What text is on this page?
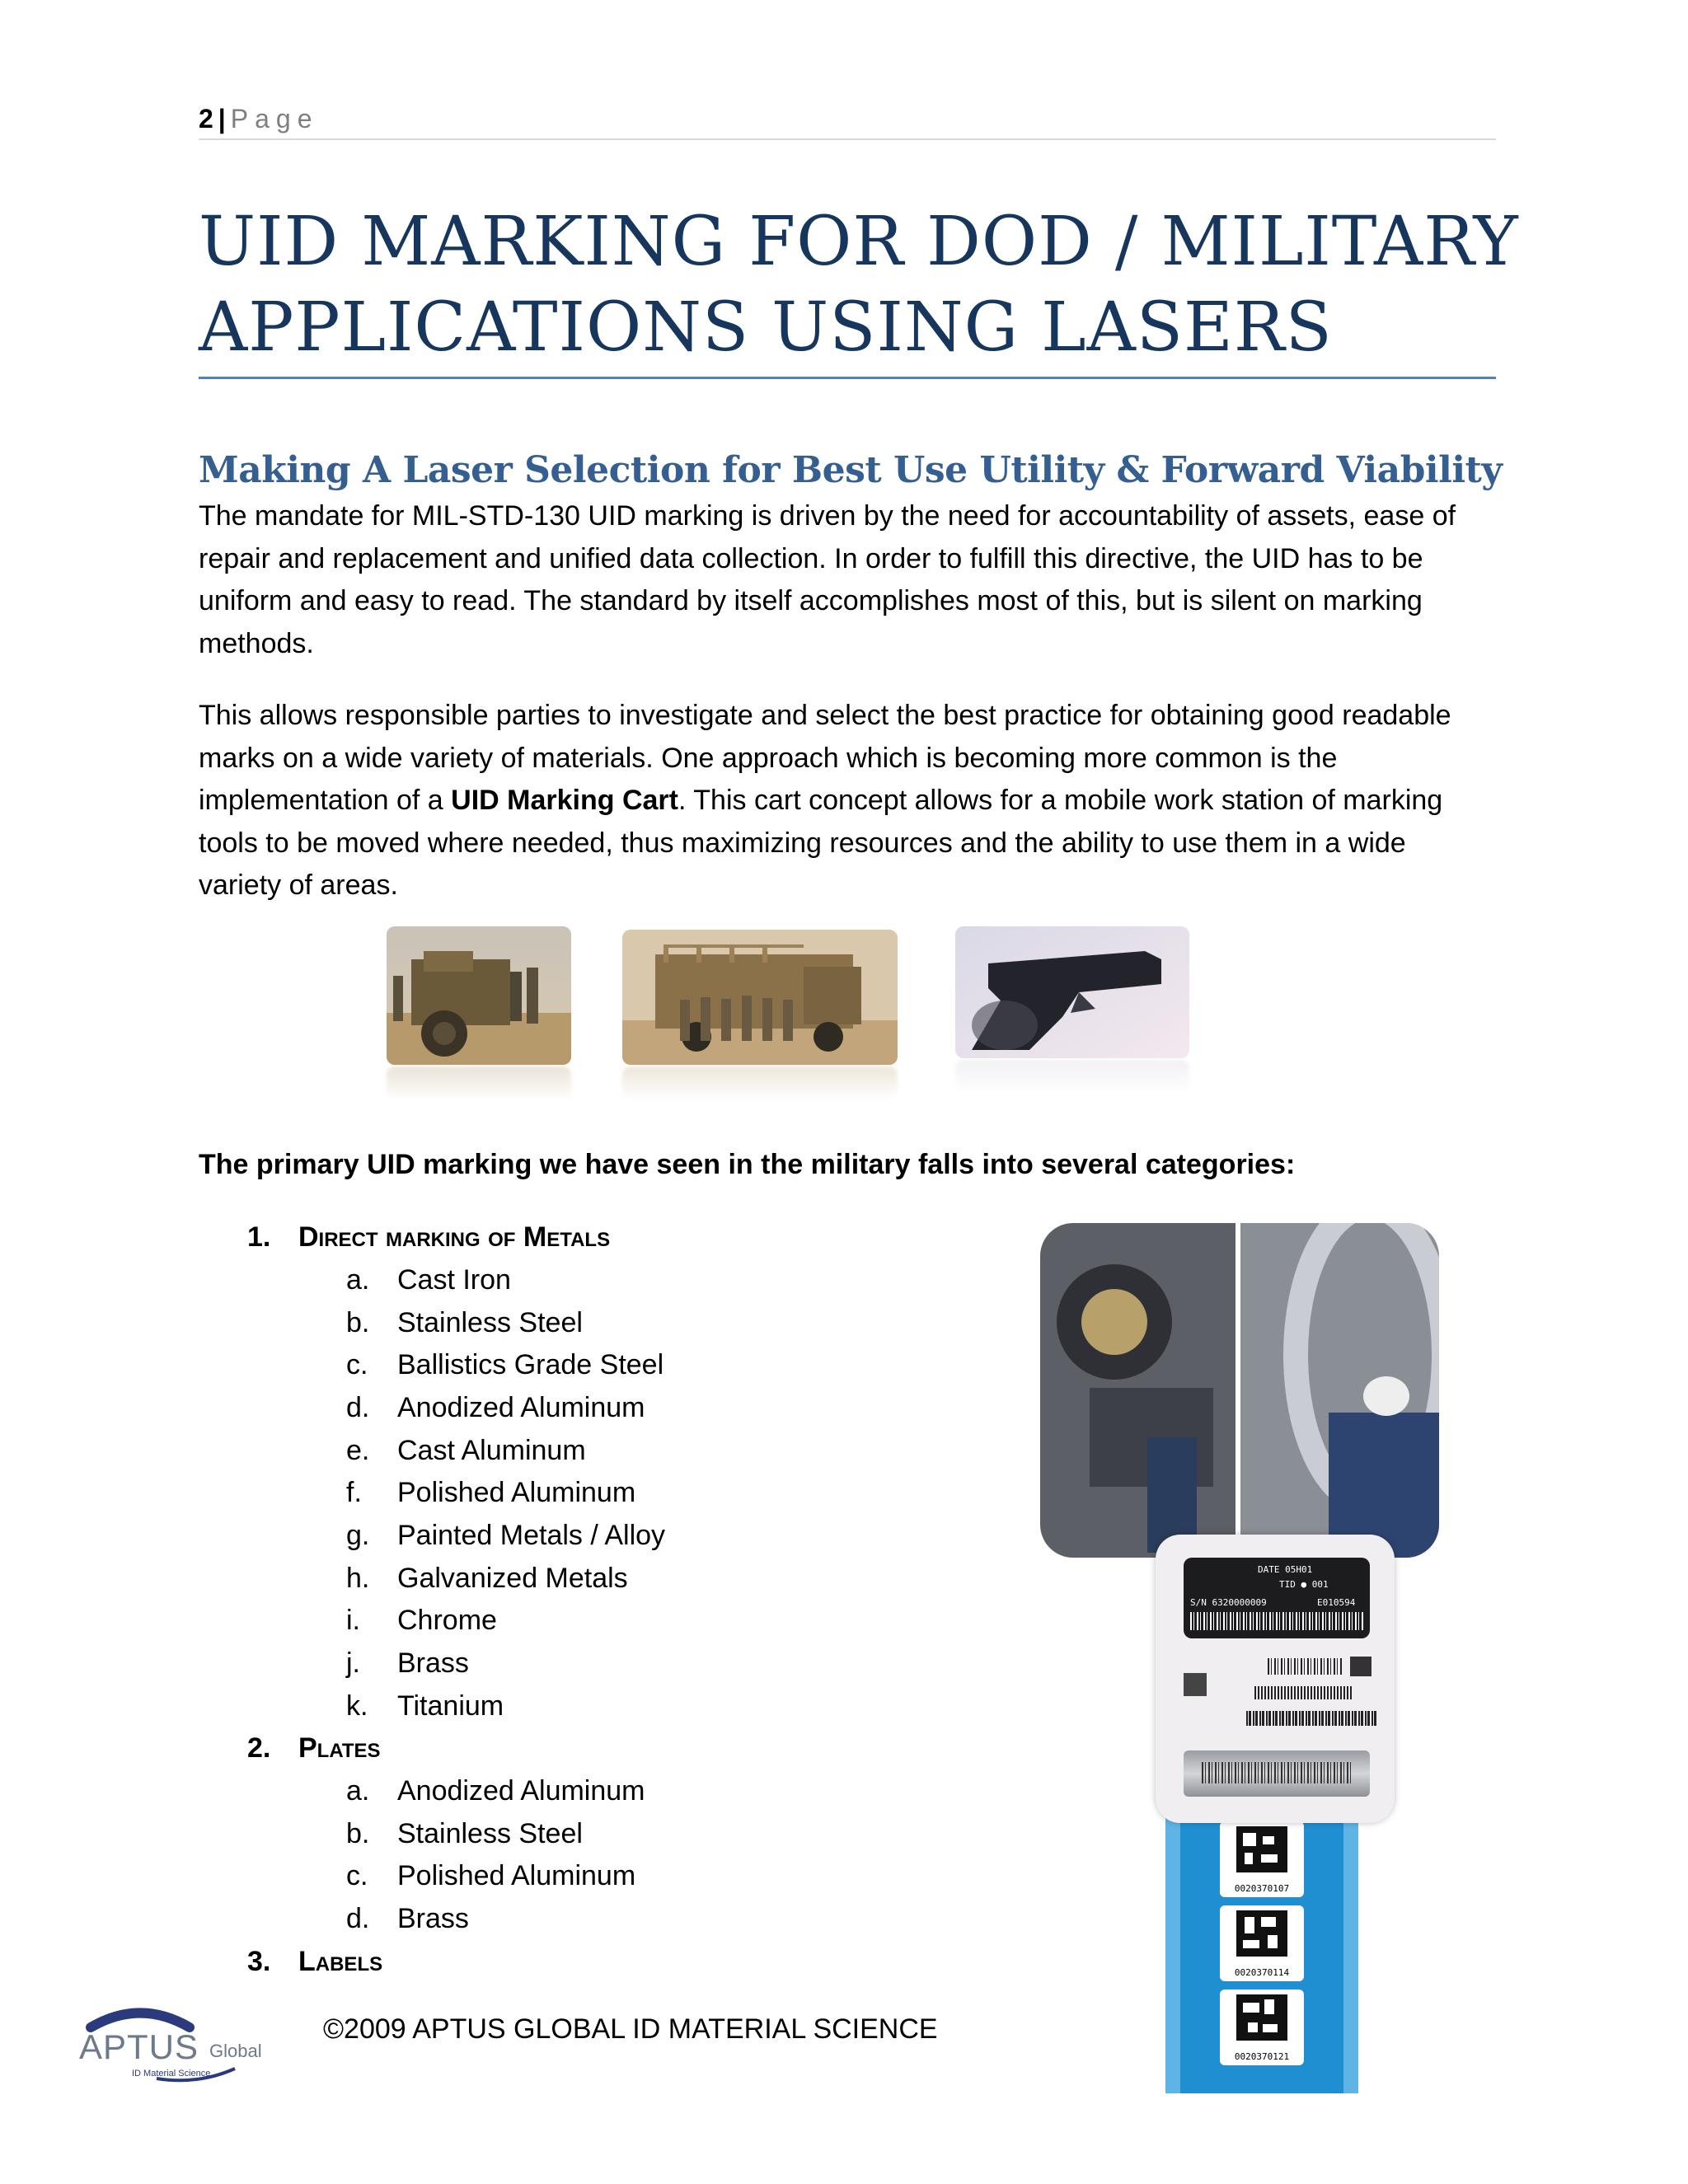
2 | Page
UID MARKING FOR DOD / MILITARY
APPLICATIONS USING LASERS
Making A Laser Selection for Best Use Utility & Forward Viability
The mandate for MIL-STD-130 UID marking is driven by the need for accountability of assets, ease of repair and replacement and unified data collection. In order to fulfill this directive, the UID has to be uniform and easy to read. The standard by itself accomplishes most of this, but is silent on marking methods.
This allows responsible parties to investigate and select the best practice for obtaining good readable marks on a wide variety of materials. One approach which is becoming more common is the implementation of a UID Marking Cart. This cart concept allows for a mobile work station of marking tools to be moved where needed, thus maximizing resources and the ability to use them in a wide variety of areas.
The primary UID marking we have seen in the military falls into several categories:
1. Direct marking of Metals
a. Cast Iron
b. Stainless Steel
c. Ballistics Grade Steel
d. Anodized Aluminum
e. Cast Aluminum
f. Polished Aluminum
g. Painted Metals / Alloy
h. Galvanized Metals
i. Chrome
j. Brass
k. Titanium
2. Plates
a. Anodized Aluminum
b. Stainless Steel
c. Polished Aluminum
d. Brass
3. Labels
0020370107
0020370114
0020370121
DATE 05H01
TID ● 001
S/N 6320000009	E010594
APTUS Global
ID Material Science
©2009 APTUS GLOBAL ID MATERIAL SCIENCE
